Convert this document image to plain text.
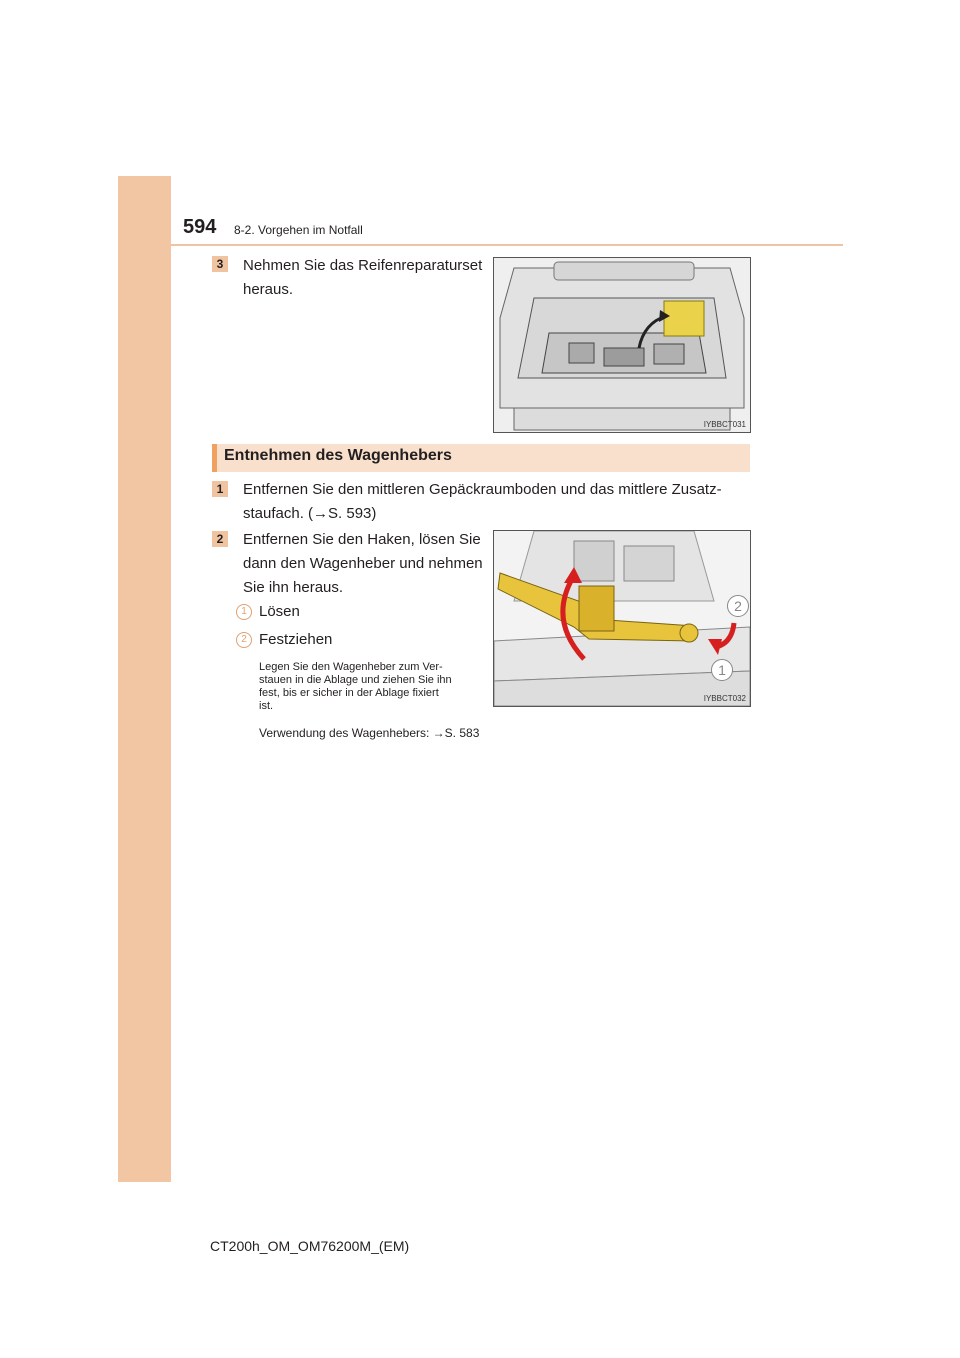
594 8-2. Vorgehen im Notfall
3	Nehmen Sie das Reifenreparaturset
heraus.
IYBBCT031
Entnehmen des Wagenhebers
1	Entfernen Sie den mittleren Gepäckraumboden und das mittlere Zusatz-
staufach. (→S. 593)
2	Entfernen Sie den Haken, lösen Sie
dann den Wagenheber und nehmen
Sie ihn heraus.
1 Lösen
2 Festziehen
Legen Sie den Wagenheber zum Ver-
stauen in die Ablage und ziehen Sie ihn
fest, bis er sicher in der Ablage fixiert
ist.
Verwendung des Wagenhebers: →S. 583
2
1
IYBBCT032
CT200h_OM_OM76200M_(EM)
